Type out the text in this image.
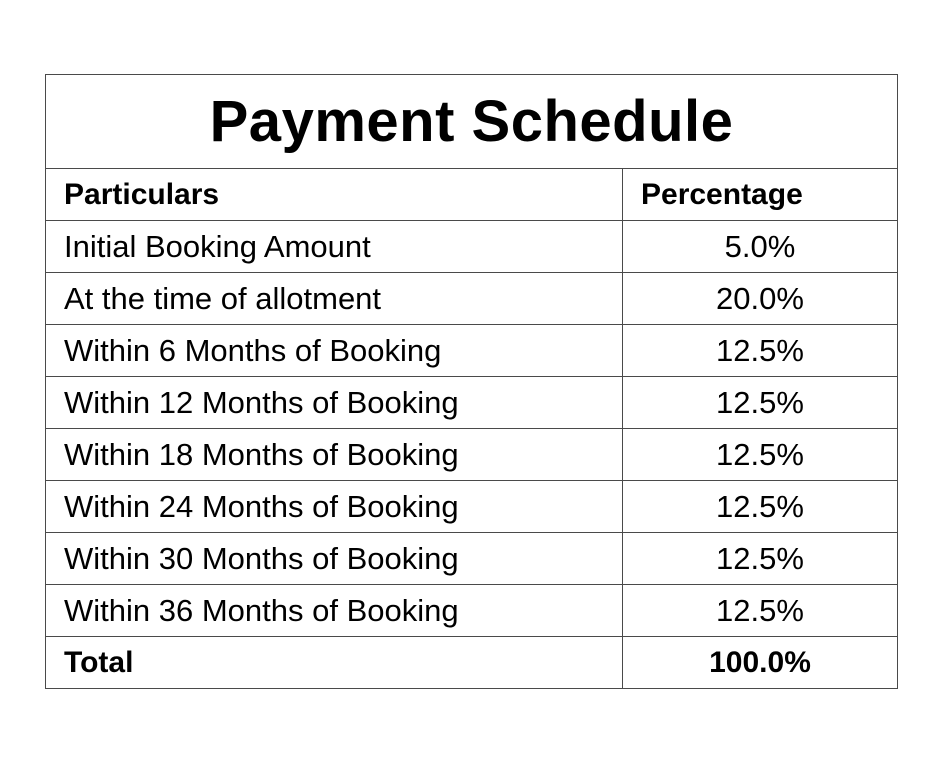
Payment Schedule	
Particulars	Percentage
Initial Booking Amount	5.0%
At the time of allotment	20.0%
Within 6 Months of Booking	12.5%
Within 12 Months of Booking	12.5%
Within 18 Months of Booking	12.5%
Within 24 Months of Booking	12.5%
Within 30 Months of Booking	12.5%
Within 36 Months of Booking	12.5%
Total	100.0%
